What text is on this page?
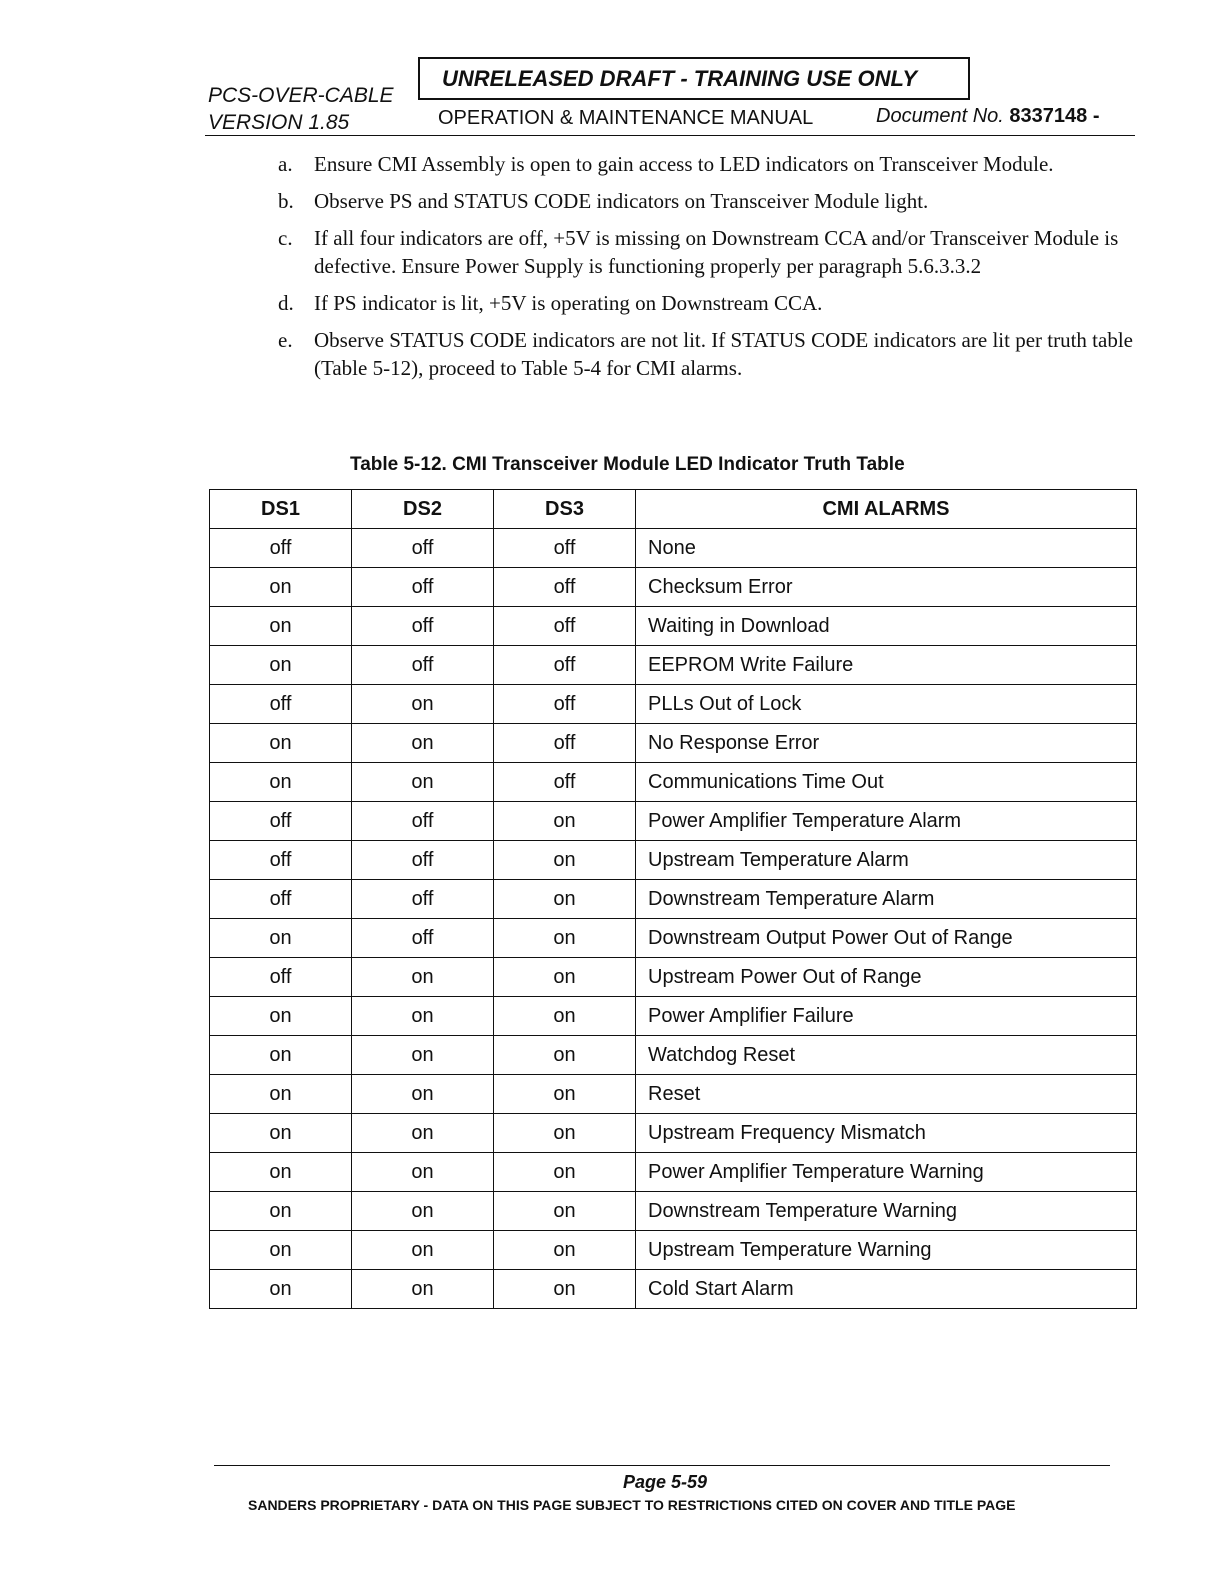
PCS-OVER-CABLE
VERSION 1.85
UNRELEASED DRAFT - TRAINING USE ONLY
OPERATION & MAINTENANCE MANUAL	Document No. 8337148 -
a.	Ensure CMI Assembly is open to gain access to LED indicators on Transceiver Module.
b. Observe PS and STATUS CODE indicators on Transceiver Module light.
c.	If all four indicators are off, +5V is missing on Downstream CCA and/or Transceiver Module is defective. Ensure Power Supply is functioning properly per paragraph 5.6.3.3.2
d. If PS indicator is lit, +5V is operating on Downstream CCA.
e.	Observe STATUS CODE indicators are not lit. If STATUS CODE indicators are lit per truth table (Table 5-12), proceed to Table 5-4 for CMI alarms.
Table 5-12. CMI Transceiver Module LED Indicator Truth Table
DS1	DS2	DS3	CMI ALARMS
off	off	off	None
on	off	off	Checksum Error
on	off	off	Waiting in Download
on	off	off	EEPROM Write Failure
off	on	off	PLLs Out of Lock
on	on	off	No Response Error
on	on	off	Communications Time Out
off	off	on	Power Amplifier Temperature Alarm
off	off	on	Upstream Temperature Alarm
off	off	on	Downstream Temperature Alarm
on	off	on	Downstream Output Power Out of Range
off	on	on	Upstream Power Out of Range
on	on	on	Power Amplifier Failure
on	on	on	Watchdog Reset
on	on	on	Reset
on	on	on	Upstream Frequency Mismatch
on	on	on	Power Amplifier Temperature Warning
on	on	on	Downstream Temperature Warning
on	on	on	Upstream Temperature Warning
on	on	on	Cold Start Alarm
Page 5-59
SANDERS PROPRIETARY - DATA ON THIS PAGE SUBJECT TO RESTRICTIONS CITED ON COVER AND TITLE PAGE
